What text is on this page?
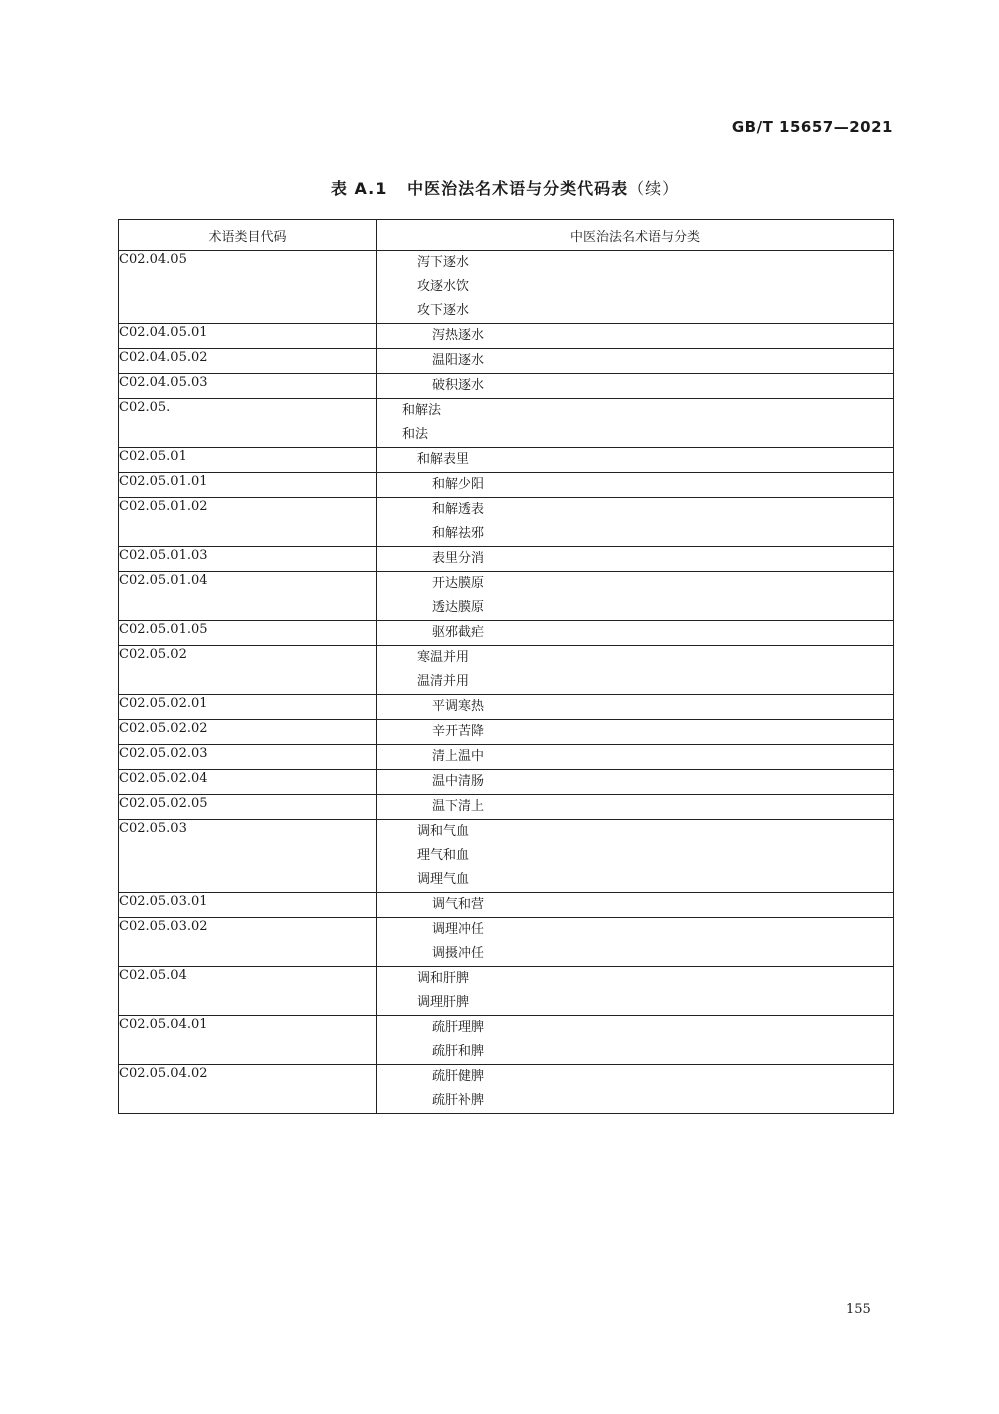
GB/T 15657—2021
表 A.1 中医治法名术语与分类代码表（续）
术语类目代码	中医治法名术语与分类

C02.04.05	泻下逐水
攻逐水饮
攻下逐水

C02.04.05.01	泻热逐水

C02.04.05.02	温阳逐水

C02.04.05.03	破积逐水

C02.05.	和解法
和法

C02.05.01	和解表里

C02.05.01.01	和解少阳

C02.05.01.02	和解透表
和解祛邪

C02.05.01.03	表里分消

C02.05.01.04	开达膜原
透达膜原

C02.05.01.05	驱邪截疟

C02.05.02	寒温并用
温清并用

C02.05.02.01	平调寒热

C02.05.02.02	辛开苦降

C02.05.02.03	清上温中

C02.05.02.04	温中清肠

C02.05.02.05	温下清上

C02.05.03	调和气血
理气和血
调理气血

C02.05.03.01	调气和营

C02.05.03.02	调理冲任
调摄冲任

C02.05.04	调和肝脾
调理肝脾

C02.05.04.01	疏肝理脾
疏肝和脾

C02.05.04.02	疏肝健脾
疏肝补脾
155
